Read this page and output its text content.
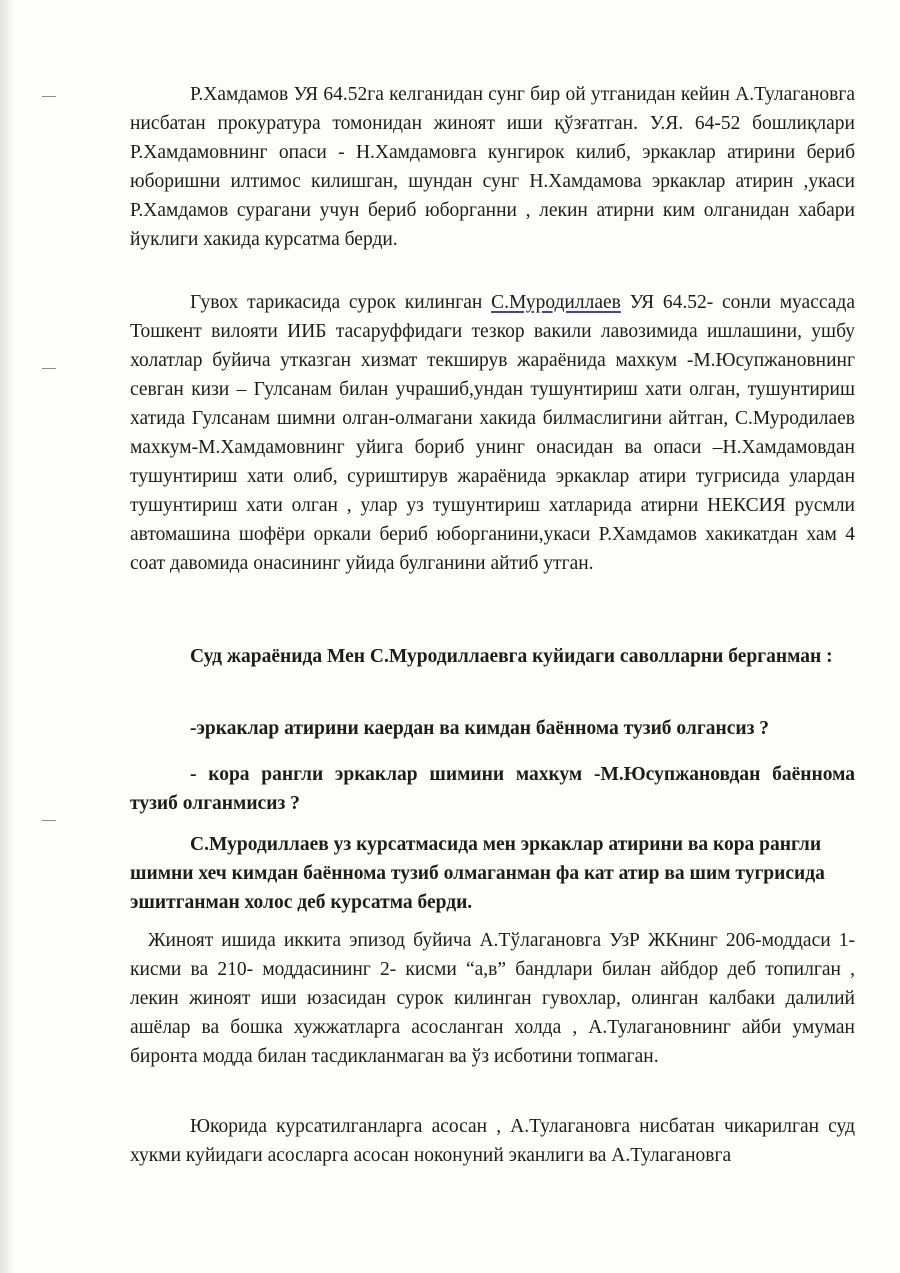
Р.Хамдамов УЯ 64.52га келганидан сунг бир ой утганидан кейин А.Тулагановга нисбатан прокуратура томонидан жиноят иши қўзғатган. У.Я. 64-52 бошлиқлари Р.Хамдамовнинг опаси - Н.Хамдамовга кунгирок килиб, эркаклар атирини бериб юборишни илтимос килишган, шундан сунг Н.Хамдамова эркаклар атирин ,укаси Р.Хамдамов сурагани учун бериб юборганни , лекин атирни ким олганидан хабари йуклиги хакида курсатма берди.
Гувох тарикасида сурок килинган С.Муродиллаев УЯ 64.52- сонли муассада Тошкент вилояти ИИБ тасаруффидаги тезкор вакили лавозимида ишлашини, ушбу холатлар буйича утказган хизмат текширув жараёнида махкум -М.Юсупжановнинг севган кизи – Гулсанам билан учрашиб,ундан тушунтириш хати олган, тушунтириш хатида Гулсанам шимни олган-олмагани хакида билмаслигини айтган, С.Муродилаев махкум-М.Хамдамовнинг уйига бориб унинг онасидан ва опаси –Н.Хамдамовдан тушунтириш хати олиб, суриштирув жараёнида эркаклар атири тугрисида улардан тушунтириш хати олган , улар уз тушунтириш хатларида атирни НЕКСИЯ русмли автомашина шофёри оркали бериб юборганини,укаси Р.Хамдамов хакикатдан хам 4 соат давомида онасининг уйида булганини айтиб утган.
Суд жараёнида Мен С.Муродиллаевга куйидаги саволларни берганман :
-эркаклар атирини каердан ва кимдан баённома тузиб олгансиз ?
- кора рангли эркаклар шимини махкум -М.Юсупжановдан баённома тузиб олганмисиз ?
С.Муродиллаев уз курсатмасида мен эркаклар атирини ва кора рангли шимни хеч кимдан баённома тузиб олмаганман фа кат атир ва шим тугрисида эшитганман холос деб курсатма берди.
Жиноят ишида иккита эпизод буйича А.Тўлагановга УзР ЖКнинг 206-моддаси 1-кисми ва 210- моддасининг 2- кисми “а,в” бандлари билан айбдор деб топилган , лекин жиноят иши юзасидан сурок килинган гувохлар, олинган калбаки далилий ашёлар ва бошка хужжатларга асосланган холда , А.Тулагановнинг айби умуман биронта модда билан тасдикланмаган ва ўз исботини топмаган.
Юкорида курсатилганларга асосан , А.Тулагановга нисбатан чикарилган суд хукми куйидаги асосларга асосан ноконуний эканлиги ва А.Тулагановга
